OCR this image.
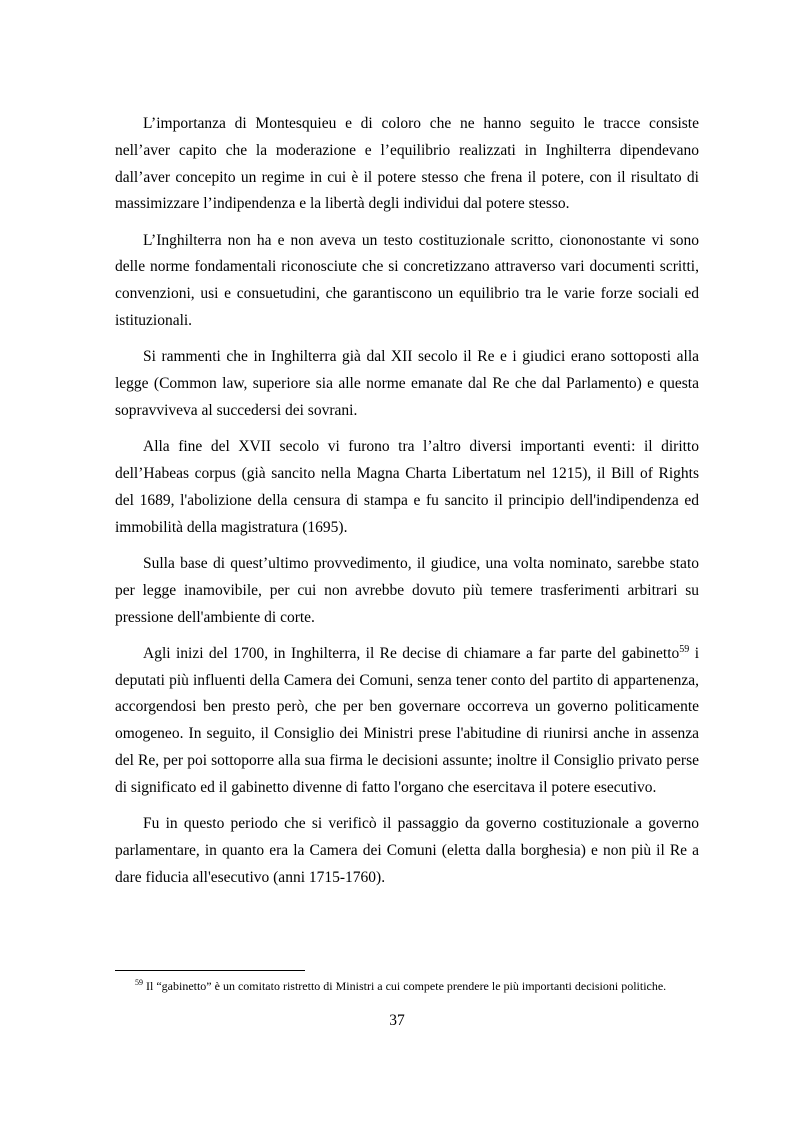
L’importanza di Montesquieu e di coloro che ne hanno seguito le tracce consiste nell’aver capito che la moderazione e l’equilibrio realizzati in Inghilterra dipendevano dall’aver concepito un regime in cui è il potere stesso che frena il potere, con il risultato di massimizzare l’indipendenza e la libertà degli individui dal potere stesso.

L’Inghilterra non ha e non aveva un testo costituzionale scritto, ciononostante vi sono delle norme fondamentali riconosciute che si concretizzano attraverso vari documenti scritti, convenzioni, usi e consuetudini, che garantiscono un equilibrio tra le varie forze sociali ed istituzionali.

Si rammenti che in Inghilterra già dal XII secolo il Re e i giudici erano sottoposti alla legge (Common law, superiore sia alle norme emanate dal Re che dal Parlamento) e questa sopravviveva al succedersi dei sovrani.

Alla fine del XVII secolo vi furono tra l’altro diversi importanti eventi: il diritto dell’Habeas corpus (già sancito nella Magna Charta Libertatum nel 1215), il Bill of Rights del 1689, l'abolizione della censura di stampa e fu sancito il principio dell'indipendenza ed immobilità della magistratura (1695).

Sulla base di quest’ultimo provvedimento, il giudice, una volta nominato, sarebbe stato per legge inamovibile, per cui non avrebbe dovuto più temere trasferimenti arbitrari su pressione dell'ambiente di corte.

Agli inizi del 1700, in Inghilterra, il Re decise di chiamare a far parte del gabinetto$^{59}$ i deputati più influenti della Camera dei Comuni, senza tener conto del partito di appartenenza, accorgendosi ben presto però, che per ben governare occorreva un governo politicamente omogeneo. In seguito, il Consiglio dei Ministri prese l'abitudine di riunirsi anche in assenza del Re, per poi sottoporre alla sua firma le decisioni assunte; inoltre il Consiglio privato perse di significato ed il gabinetto divenne di fatto l'organo che esercitava il potere esecutivo.

Fu in questo periodo che si verificò il passaggio da governo costituzionale a governo parlamentare, in quanto era la Camera dei Comuni (eletta dalla borghesia) e non più il Re a dare fiducia all'esecutivo (anni 1715-1760).

$^{59}$ Il “gabinetto” è un comitato ristretto di Ministri a cui compete prendere le più importanti decisioni politiche.

37
